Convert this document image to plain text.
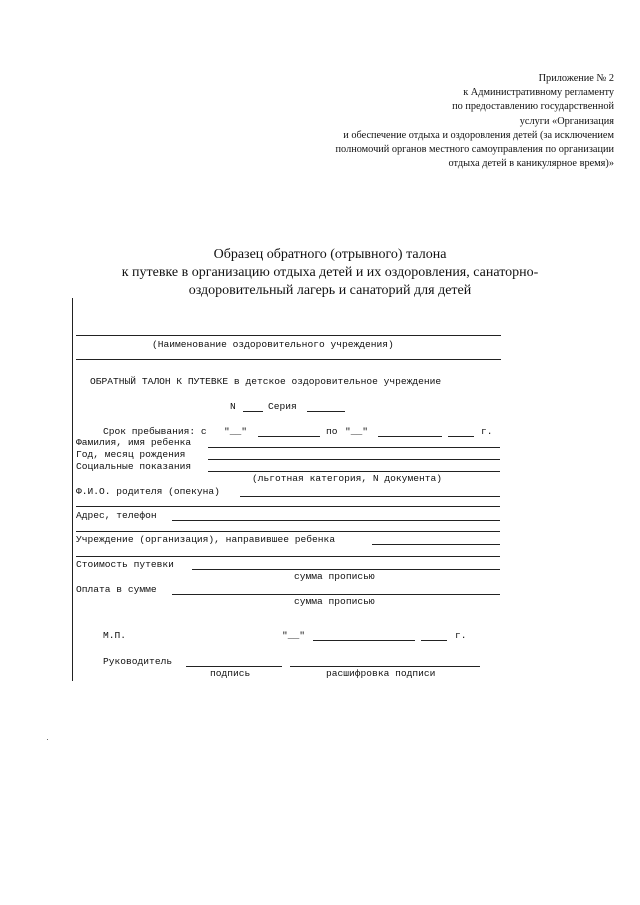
Приложение № 2
к Административному регламенту
по предоставлению государственной
услуги «Организация
и обеспечение отдыха и оздоровления детей (за исключением
полномочий органов местного самоуправления по организации
отдыха детей в каникулярное время)»
Образец обратного (отрывного) талона
к путевке в организацию отдыха детей и их оздоровления, санаторно-
оздоровительный лагерь и санаторий для детей
(Наименование оздоровительного учреждения)
ОБРАТНЫЙ ТАЛОН К ПУТЕВКЕ в детское оздоровительное учреждение
N	Серия
Срок пребывания: с "__"	по "__"	г.
Фамилия, имя ребенка
Год, месяц рождения
Социальные показания
(льготная категория, N документа)
Ф.И.О. родителя (опекуна)
Адрес, телефон
Учреждение (организация), направившее ребенка
Стоимость путевки
сумма прописью
Оплата в сумме
сумма прописью
М.П.	"__"	г.
Руководитель
подпись	расшифровка подписи
